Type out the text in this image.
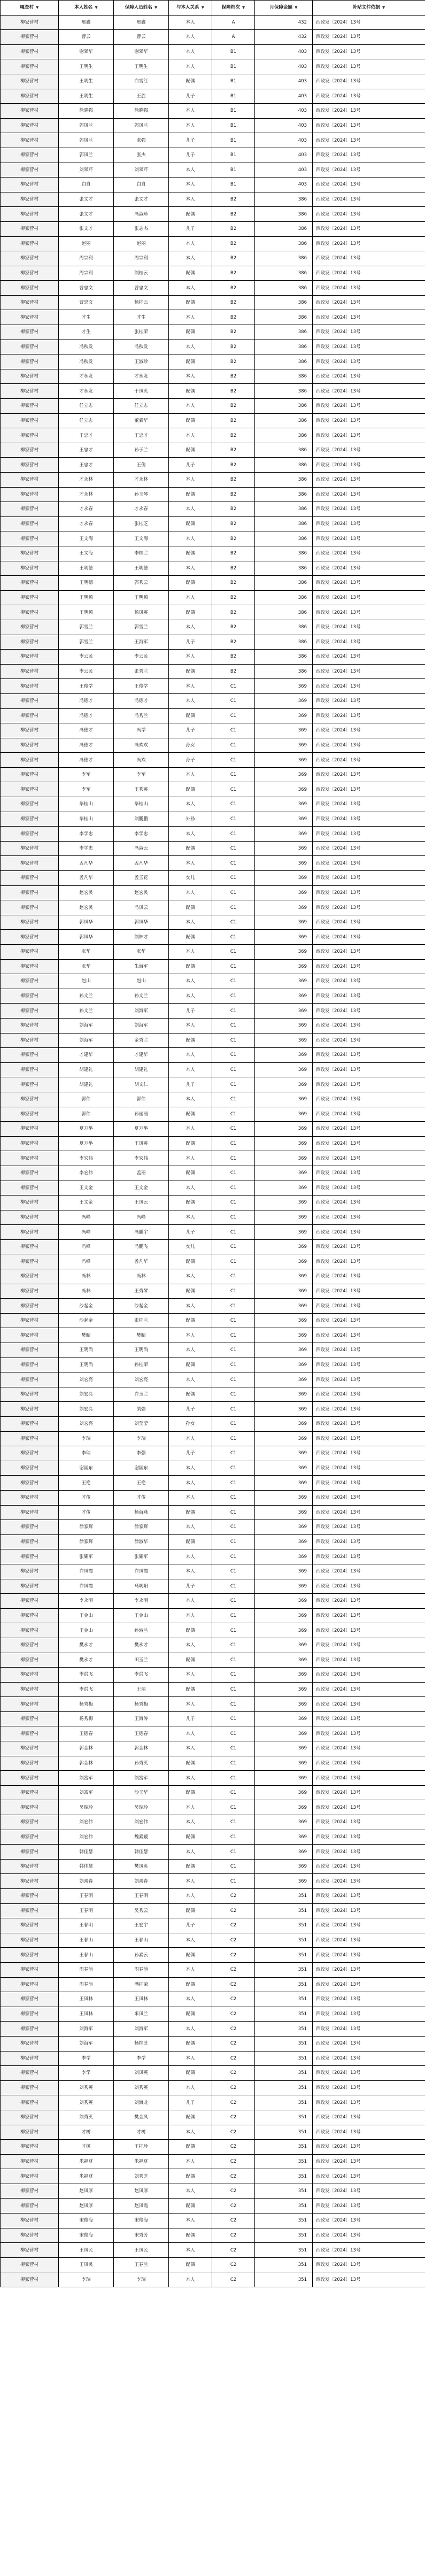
嘎查村 ▼	本人姓名 ▼	保障人员姓名 ▼	与本人关系 ▼	保障档次 ▼	月保障金额 ▼	补贴文件依据 ▼
柳家营村	邢鑫	邢鑫	本人	A	432	西政发〔2024〕13号
柳家营村	曹云	曹云	本人	A	432	西政发〔2024〕13号
柳家营村	谢翠华	谢翠华	本人	B1	403	西政发〔2024〕13号
柳家营村	王明生	王明生	本人	B1	403	西政发〔2024〕13号
柳家营村	王明生	白雪红	配偶	B1	403	西政发〔2024〕13号
柳家营村	王明生	王胜	儿子	B1	403	西政发〔2024〕13号
柳家营村	徐晓强	徐晓强	本人	B1	403	西政发〔2024〕13号
柳家营村	郭凤兰	郭凤兰	本人	B1	403	西政发〔2024〕13号
柳家营村	郭凤兰	张强	儿子	B1	403	西政发〔2024〕13号
柳家营村	郭凤兰	张杰	儿子	B1	403	西政发〔2024〕13号
柳家营村	刘翠芹	刘翠芹	本人	B1	403	西政发〔2024〕13号
柳家营村	白自	白自	本人	B1	403	西政发〔2024〕13号
柳家营村	张文才	张文才	本人	B2	386	西政发〔2024〕13号
柳家营村	张文才	冯淑珍	配偶	B2	386	西政发〔2024〕13号
柳家营村	张文才	张志杰	儿子	B2	386	西政发〔2024〕13号
柳家营村	赵丽	赵丽	本人	B2	386	西政发〔2024〕13号
柳家营村	周宗利	周宗利	本人	B2	386	西政发〔2024〕13号
柳家营村	周宗利	刘桂云	配偶	B2	386	西政发〔2024〕13号
柳家营村	曹忠文	曹忠文	本人	B2	386	西政发〔2024〕13号
柳家营村	曹忠文	杨桂云	配偶	B2	386	西政发〔2024〕13号
柳家营村	才生	才生	本人	B2	386	西政发〔2024〕13号
柳家营村	才生	张桂荣	配偶	B2	386	西政发〔2024〕13号
柳家营村	冯秋发	冯秋发	本人	B2	386	西政发〔2024〕13号
柳家营村	冯秋发	王淑珍	配偶	B2	386	西政发〔2024〕13号
柳家营村	才永发	才永发	本人	B2	386	西政发〔2024〕13号
柳家营村	才永发	于凤英	配偶	B2	386	西政发〔2024〕13号
柳家营村	任立志	任立志	本人	B2	386	西政发〔2024〕13号
柳家营村	任立志	董素华	配偶	B2	386	西政发〔2024〕13号
柳家营村	王忠才	王忠才	本人	B2	386	西政发〔2024〕13号
柳家营村	王忠才	孙子兰	配偶	B2	386	西政发〔2024〕13号
柳家营村	王忠才	王俊	儿子	B2	386	西政发〔2024〕13号
柳家营村	才永林	才永林	本人	B2	386	西政发〔2024〕13号
柳家营村	才永林	孙玉琴	配偶	B2	386	西政发〔2024〕13号
柳家营村	才永春	才永春	本人	B2	386	西政发〔2024〕13号
柳家营村	才永春	张桂芝	配偶	B2	386	西政发〔2024〕13号
柳家营村	王文海	王文海	本人	B2	386	西政发〔2024〕13号
柳家营村	王文海	李桂兰	配偶	B2	386	西政发〔2024〕13号
柳家营村	王明德	王明德	本人	B2	386	西政发〔2024〕13号
柳家营村	王明德	郭秀云	配偶	B2	386	西政发〔2024〕13号
柳家营村	王明顺	王明顺	本人	B2	386	西政发〔2024〕13号
柳家营村	王明顺	杨凤英	配偶	B2	386	西政发〔2024〕13号
柳家营村	郭雪兰	郭雪兰	本人	B2	386	西政发〔2024〕13号
柳家营村	郭雪兰	王海军	儿子	B2	386	西政发〔2024〕13号
柳家营村	李云民	李云民	本人	B2	386	西政发〔2024〕13号
柳家营村	李云民	张秀兰	配偶	B2	386	西政发〔2024〕13号
柳家营村	王俊学	王俊学	本人	C1	369	西政发〔2024〕13号
柳家营村	冯德才	冯德才	本人	C1	369	西政发〔2024〕13号
柳家营村	冯德才	冯秀兰	配偶	C1	369	西政发〔2024〕13号
柳家营村	冯德才	冯学	儿子	C1	369	西政发〔2024〕13号
柳家营村	冯德才	冯欢欢	孙女	C1	369	西政发〔2024〕13号
柳家营村	冯德才	冯欢	孙子	C1	369	西政发〔2024〕13号
柳家营村	李军	李军	本人	C1	369	西政发〔2024〕13号
柳家营村	李军	王秀英	配偶	C1	369	西政发〔2024〕13号
柳家营村	毕桂山	毕桂山	本人	C1	369	西政发〔2024〕13号
柳家营村	毕桂山	刘鹏鹏	外孙	C1	369	西政发〔2024〕13号
柳家营村	李学忠	李学忠	本人	C1	369	西政发〔2024〕13号
柳家营村	李学忠	冯淑云	配偶	C1	369	西政发〔2024〕13号
柳家营村	孟凡华	孟凡华	本人	C1	369	西政发〔2024〕13号
柳家营村	孟凡华	孟玉花	女儿	C1	369	西政发〔2024〕13号
柳家营村	赵宏民	赵宏民	本人	C1	369	西政发〔2024〕13号
柳家营村	赵宏民	冯凤云	配偶	C1	369	西政发〔2024〕13号
柳家营村	郭凤华	郭凤华	本人	C1	369	西政发〔2024〕13号
柳家营村	郭凤华	刘林才	配偶	C1	369	西政发〔2024〕13号
柳家营村	张华	张华	本人	C1	369	西政发〔2024〕13号
柳家营村	张华	朱海军	配偶	C1	369	西政发〔2024〕13号
柳家营村	赵山	赵山	本人	C1	369	西政发〔2024〕13号
柳家营村	孙文兰	孙文兰	本人	C1	369	西政发〔2024〕13号
柳家营村	孙文兰	刘海军	儿子	C1	369	西政发〔2024〕13号
柳家营村	刘海军	刘海军	本人	C1	369	西政发〔2024〕13号
柳家营村	刘海军	金秀兰	配偶	C1	369	西政发〔2024〕13号
柳家营村	才建华	才建华	本人	C1	369	西政发〔2024〕13号
柳家营村	胡建礼	胡建礼	本人	C1	369	西政发〔2024〕13号
柳家营村	胡建礼	胡文仁	儿子	C1	369	西政发〔2024〕13号
柳家营村	郭伟	郭伟	本人	C1	369	西政发〔2024〕13号
柳家营村	郭伟	孙丽丽	配偶	C1	369	西政发〔2024〕13号
柳家营村	夏万举	夏万举	本人	C1	369	西政发〔2024〕13号
柳家营村	夏万举	王凤英	配偶	C1	369	西政发〔2024〕13号
柳家营村	李宏伟	李宏伟	本人	C1	369	西政发〔2024〕13号
柳家营村	李宏伟	孟丽	配偶	C1	369	西政发〔2024〕13号
柳家营村	王文金	王文金	本人	C1	369	西政发〔2024〕13号
柳家营村	王文金	王凤云	配偶	C1	369	西政发〔2024〕13号
柳家营村	冯峰	冯峰	本人	C1	369	西政发〔2024〕13号
柳家营村	冯峰	冯鹏宇	儿子	C1	369	西政发〔2024〕13号
柳家营村	冯峰	冯鹏飞	女儿	C1	369	西政发〔2024〕13号
柳家营村	冯峰	孟凡华	配偶	C1	369	西政发〔2024〕13号
柳家营村	冯林	冯林	本人	C1	369	西政发〔2024〕13号
柳家营村	冯林	王秀琴	配偶	C1	369	西政发〔2024〕13号
柳家营村	沙起金	沙起金	本人	C1	369	西政发〔2024〕13号
柳家营村	沙起金	张桂兰	配偶	C1	369	西政发〔2024〕13号
柳家营村	樊昭	樊昭	本人	C1	369	西政发〔2024〕13号
柳家营村	王明尚	王明尚	本人	C1	369	西政发〔2024〕13号
柳家营村	王明尚	孙桂荣	配偶	C1	369	西政发〔2024〕13号
柳家营村	刘宏亮	刘宏亮	本人	C1	369	西政发〔2024〕13号
柳家营村	刘宏亮	许玉兰	配偶	C1	369	西政发〔2024〕13号
柳家营村	刘宏亮	刘强	儿子	C1	369	西政发〔2024〕13号
柳家营村	刘宏亮	刘莹莹	孙女	C1	369	西政发〔2024〕13号
柳家营村	李瑞	李瑞	本人	C1	369	西政发〔2024〕13号
柳家营村	李瑞	李强	儿子	C1	369	西政发〔2024〕13号
柳家营村	谢国东	谢国东	本人	C1	369	西政发〔2024〕13号
柳家营村	王艳	王艳	本人	C1	369	西政发〔2024〕13号
柳家营村	才俊	才俊	本人	C1	369	西政发〔2024〕13号
柳家营村	才俊	杨海燕	配偶	C1	369	西政发〔2024〕13号
柳家营村	徐家辉	徐家辉	本人	C1	369	西政发〔2024〕13号
柳家营村	徐家辉	徐淑华	配偶	C1	369	西政发〔2024〕13号
柳家营村	张耀军	张耀军	本人	C1	369	西政发〔2024〕13号
柳家营村	许凤霞	许凤霞	本人	C1	369	西政发〔2024〕13号
柳家营村	许凤霞	马明阳	儿子	C1	369	西政发〔2024〕13号
柳家营村	李永明	李永明	本人	C1	369	西政发〔2024〕13号
柳家营村	王金山	王金山	本人	C1	369	西政发〔2024〕13号
柳家营村	王金山	孙淑兰	配偶	C1	369	西政发〔2024〕13号
柳家营村	樊永才	樊永才	本人	C1	369	西政发〔2024〕13号
柳家营村	樊永才	田玉兰	配偶	C1	369	西政发〔2024〕13号
柳家营村	李洪飞	李洪飞	本人	C1	369	西政发〔2024〕13号
柳家营村	李洪飞	王丽	配偶	C1	369	西政发〔2024〕13号
柳家营村	杨秀梅	杨秀梅	本人	C1	369	西政发〔2024〕13号
柳家营村	杨秀梅	王海涛	儿子	C1	369	西政发〔2024〕13号
柳家营村	王德春	王德春	本人	C1	369	西政发〔2024〕13号
柳家营村	郭金林	郭金林	本人	C1	369	西政发〔2024〕13号
柳家营村	郭金林	孙秀英	配偶	C1	369	西政发〔2024〕13号
柳家营村	刘富军	刘富军	本人	C1	369	西政发〔2024〕13号
柳家营村	刘富军	沙玉华	配偶	C1	369	西政发〔2024〕13号
柳家营村	吴瑞玲	吴瑞玲	本人	C1	369	西政发〔2024〕13号
柳家营村	刘宏伟	刘宏伟	本人	C1	369	西政发〔2024〕13号
柳家营村	刘宏伟	魏素媛	配偶	C1	369	西政发〔2024〕13号
柳家营村	韩佳慧	韩佳慧	本人	C1	369	西政发〔2024〕13号
柳家营村	韩佳慧	樊凤英	配偶	C1	369	西政发〔2024〕13号
柳家营村	刘喜春	刘喜春	本人	C1	369	西政发〔2024〕13号
柳家营村	王春明	王春明	本人	C2	351	西政发〔2024〕13号
柳家营村	王春明	吴秀云	配偶	C2	351	西政发〔2024〕13号
柳家营村	王春明	王宏宇	儿子	C2	351	西政发〔2024〕13号
柳家营村	王春山	王春山	本人	C2	351	西政发〔2024〕13号
柳家营村	王春山	孙素云	配偶	C2	351	西政发〔2024〕13号
柳家营村	周春池	周春池	本人	C2	351	西政发〔2024〕13号
柳家营村	周春池	潘桂荣	配偶	C2	351	西政发〔2024〕13号
柳家营村	王凤林	王凤林	本人	C2	351	西政发〔2024〕13号
柳家营村	王凤林	米凤兰	配偶	C2	351	西政发〔2024〕13号
柳家营村	刘海军	刘海军	本人	C2	351	西政发〔2024〕13号
柳家营村	刘海军	杨桂芝	配偶	C2	351	西政发〔2024〕13号
柳家营村	李学	李学	本人	C2	351	西政发〔2024〕13号
柳家营村	李学	刘凤英	配偶	C2	351	西政发〔2024〕13号
柳家营村	刘秀英	刘秀英	本人	C2	351	西政发〔2024〕13号
柳家营村	刘秀英	刘海龙	儿子	C2	351	西政发〔2024〕13号
柳家营村	刘秀英	樊金凤	配偶	C2	351	西政发〔2024〕13号
柳家营村	才树	才树	本人	C2	351	西政发〔2024〕13号
柳家营村	才树	王桂珍	配偶	C2	351	西政发〔2024〕13号
柳家营村	米福财	米福财	本人	C2	351	西政发〔2024〕13号
柳家营村	米福财	刘秀芝	配偶	C2	351	西政发〔2024〕13号
柳家营村	赵凤厚	赵凤厚	本人	C2	351	西政发〔2024〕13号
柳家营村	赵凤厚	赵凤霞	配偶	C2	351	西政发〔2024〕13号
柳家营村	宋俊海	宋俊海	本人	C2	351	西政发〔2024〕13号
柳家营村	宋俊海	宋秀芳	配偶	C2	351	西政发〔2024〕13号
柳家营村	王凤民	王凤民	本人	C2	351	西政发〔2024〕13号
柳家营村	王凤民	王春兰	配偶	C2	351	西政发〔2024〕13号
柳家营村	李瑞	李瑞	本人	C2	351	西政发〔2024〕13号
